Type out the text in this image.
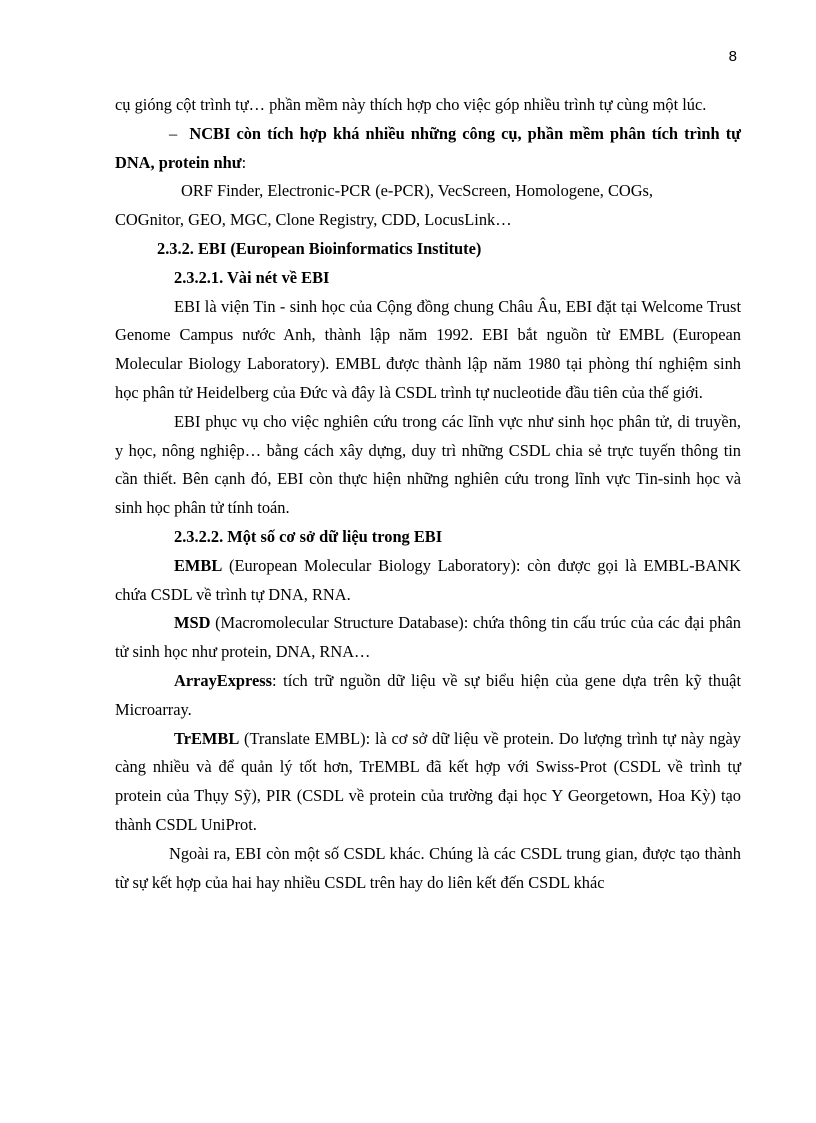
8

cụ gióng cột trình tự… phần mềm này thích hợp cho việc góp nhiều trình tự cùng một lúc.

– NCBI còn tích hợp khá nhiều những công cụ, phần mềm phân tích trình tự DNA, protein như:

ORF Finder, Electronic-PCR (e-PCR), VecScreen, Homologene, COGs,

COGnitor, GEO, MGC, Clone Registry, CDD, LocusLink…

2.3.2. EBI (European Bioinformatics Institute)

2.3.2.1. Vài nét về EBI

EBI là viện Tin - sinh học của Cộng đồng chung Châu Âu, EBI đặt tại Welcome Trust Genome Campus nước Anh, thành lập năm 1992. EBI bắt nguồn từ EMBL (European Molecular Biology Laboratory). EMBL được thành lập năm 1980 tại phòng thí nghiệm sinh học phân tử Heidelberg của Đức và đây là CSDL trình tự nucleotide đầu tiên của thế giới.

EBI phục vụ cho việc nghiên cứu trong các lĩnh vực như sinh học phân tử, di truyền, y học, nông nghiệp… bằng cách xây dựng, duy trì những CSDL chia sẻ trực tuyến thông tin cần thiết. Bên cạnh đó, EBI còn thực hiện những nghiên cứu trong lĩnh vực Tin-sinh học và sinh học phân tử tính toán.

2.3.2.2. Một số cơ sở dữ liệu trong EBI

EMBL (European Molecular Biology Laboratory): còn được gọi là EMBL-BANK chứa CSDL về trình tự DNA, RNA.

MSD (Macromolecular Structure Database): chứa thông tin cấu trúc của các đại phân tử sinh học như protein, DNA, RNA…

ArrayExpress: tích trữ nguồn dữ liệu về sự biểu hiện của gene dựa trên kỹ thuật Microarray.

TrEMBL (Translate EMBL): là cơ sở dữ liệu về protein. Do lượng trình tự này ngày càng nhiều và để quản lý tốt hơn, TrEMBL đã kết hợp với Swiss-Prot (CSDL về trình tự protein của Thụy Sỹ), PIR (CSDL về protein của trường đại học Y Georgetown, Hoa Kỳ) tạo thành CSDL UniProt.

Ngoài ra, EBI còn một số CSDL khác. Chúng là các CSDL trung gian, được tạo thành từ sự kết hợp của hai hay nhiều CSDL trên hay do liên kết đến CSDL khác
